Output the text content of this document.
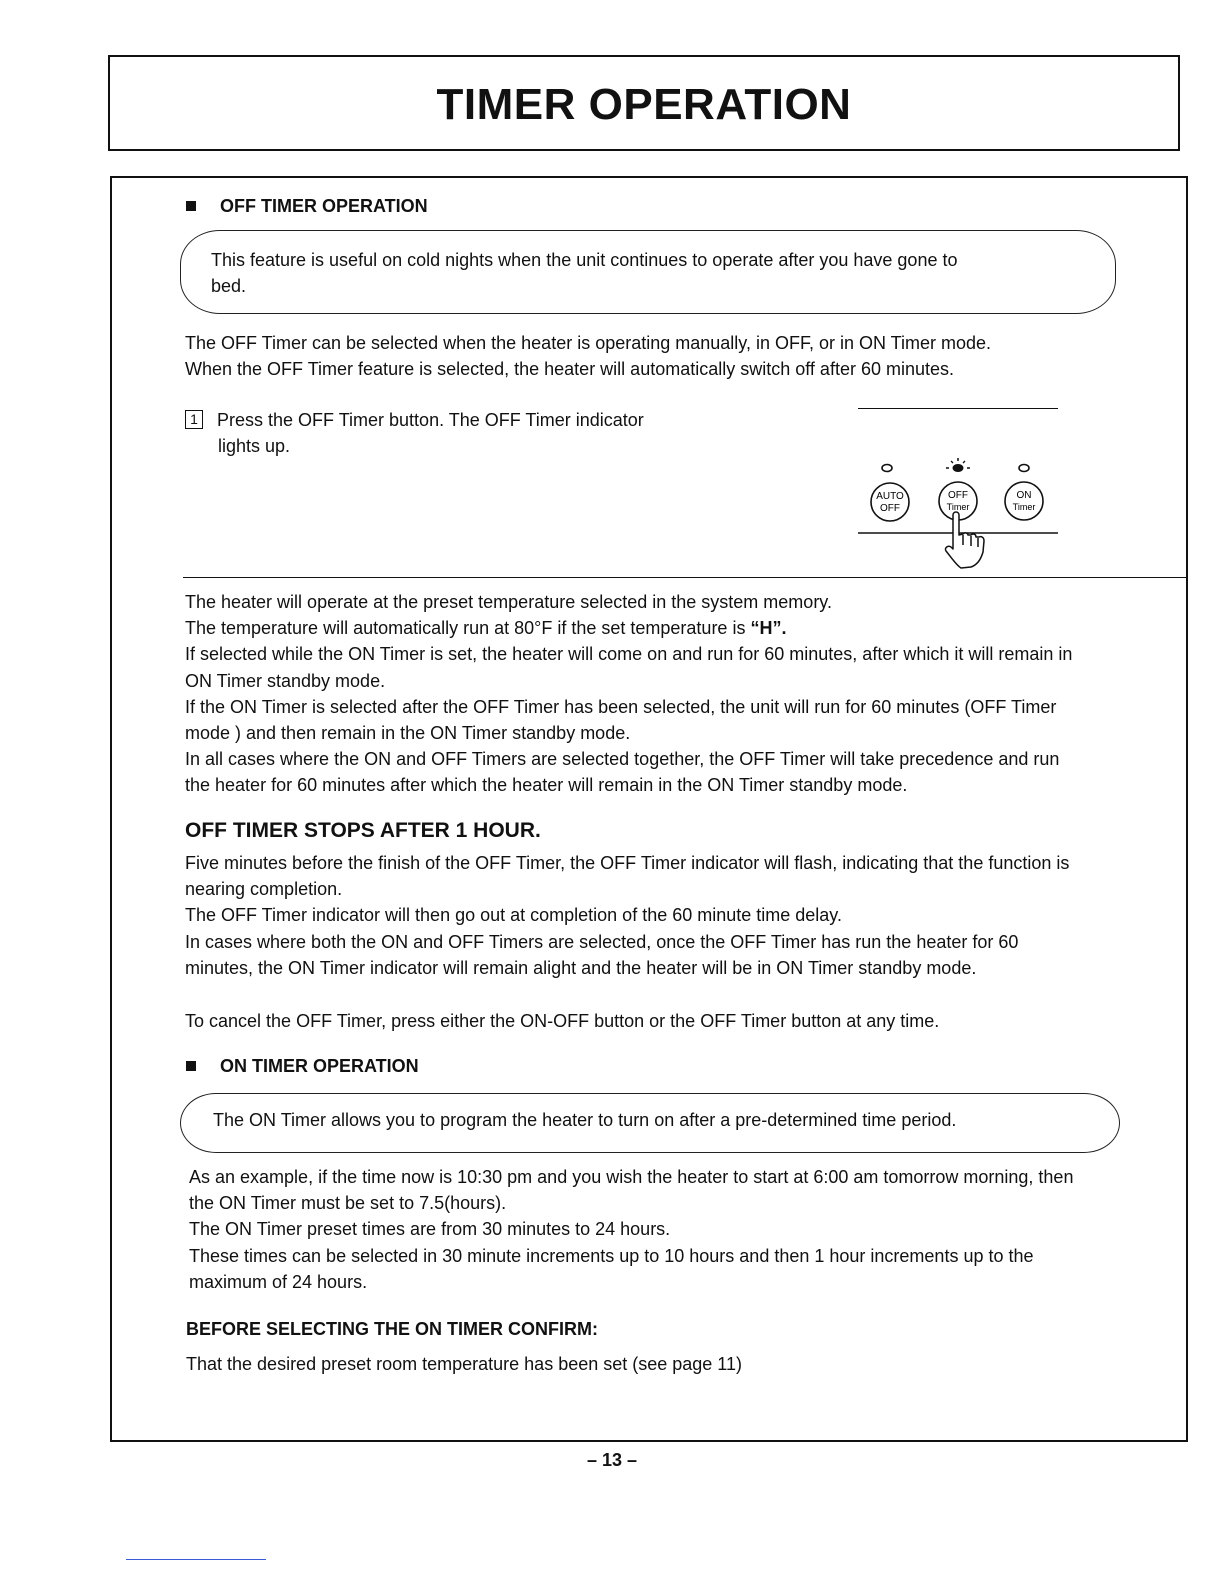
TIMER OPERATION
OFF TIMER OPERATION
This feature is useful on cold nights when the unit continues to operate after you have gone to
bed.
The OFF Timer can be selected when the heater is operating manually, in OFF, or in ON Timer mode.
When the OFF Timer feature is selected, the heater will automatically switch off after 60 minutes.
1 Press the OFF Timer button. The OFF Timer indicator
lights up.
AUTO
OFF
OFF
Timer
ON
Timer
The heater will operate at the preset temperature selected in the system memory.
The temperature will automatically run at 80°F if the set temperature is “H”.
If selected while the ON Timer is set, the heater will come on and run for 60 minutes, after which it will remain in
ON Timer standby mode.
If the ON Timer is selected after the OFF Timer has been selected, the unit will run for 60 minutes (OFF Timer
mode ) and then remain in the ON Timer standby mode.
In all cases where the ON and OFF Timers are selected together, the OFF Timer will take precedence and run
the heater for 60 minutes after which the heater will remain in the ON Timer standby mode.
OFF TIMER STOPS AFTER 1 HOUR.
Five minutes before the finish of the OFF Timer, the OFF Timer indicator will flash, indicating that the function is
nearing completion.
The OFF Timer indicator will then go out at completion of the 60 minute time delay.
In cases where both the ON and OFF Timers are selected, once the OFF Timer has run the heater for 60
minutes, the ON Timer indicator will remain alight and the heater will be in ON Timer standby mode.
To cancel the OFF Timer, press either the ON-OFF button or the OFF Timer button at any time.
ON TIMER OPERATION
The ON Timer allows you to program the heater to turn on after a pre-determined time period.
As an example, if the time now is 10:30 pm and you wish the heater to start at 6:00 am tomorrow morning, then
the ON Timer must be set to 7.5(hours).
The ON Timer preset times are from 30 minutes to 24 hours.
These times can be selected in 30 minute increments up to 10 hours and then 1 hour increments up to the
maximum of 24 hours.
BEFORE SELECTING THE ON TIMER CONFIRM:
That the desired preset room temperature has been set (see page 11)
– 13 –
